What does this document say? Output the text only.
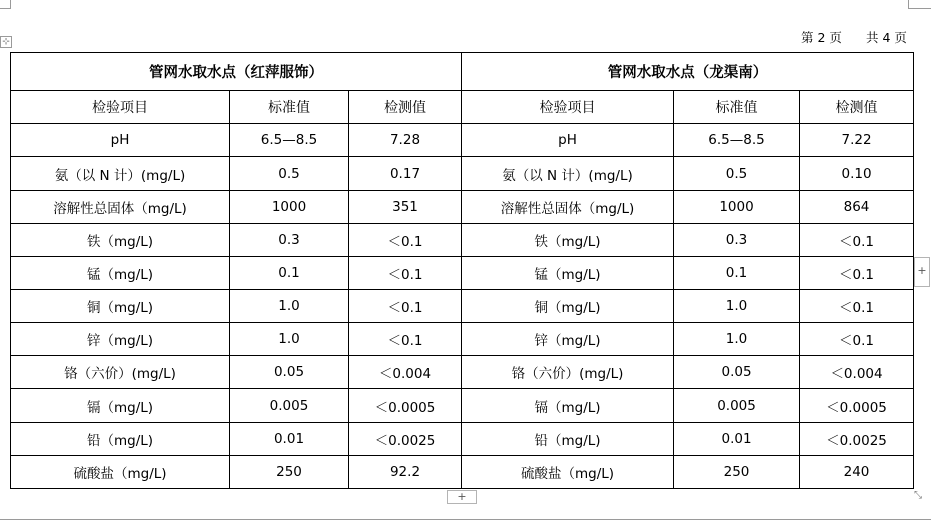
第 2 页 共 4 页
⊹
管网水取水点（红萍服饰）			管网水取水点（龙渠南）		
检验项目	标准值	检测值	检验项目	标准值	检测值
pH	6.5—8.5	7.28	pH	6.5—8.5	7.22
氨（以 N 计）(mg/L)	0.5	0.17	氨（以 N 计）(mg/L)	0.5	0.10
溶解性总固体（mg/L)	1000	351	溶解性总固体（mg/L)	1000	864
铁（mg/L)	0.3	＜0.1	铁（mg/L)	0.3	＜0.1
锰（mg/L)	0.1	＜0.1	锰（mg/L)	0.1	＜0.1
铜（mg/L)	1.0	＜0.1	铜（mg/L)	1.0	＜0.1
锌（mg/L)	1.0	＜0.1	锌（mg/L)	1.0	＜0.1
铬（六价）(mg/L)	0.05	＜0.004	铬（六价）(mg/L)	0.05	＜0.004
镉（mg/L)	0.005	＜0.0005	镉（mg/L)	0.005	＜0.0005
铅（mg/L)	0.01	＜0.0025	铅（mg/L)	0.01	＜0.0025
硫酸盐（mg/L)	250	92.2	硫酸盐（mg/L)	250	240
+
+	⤡
